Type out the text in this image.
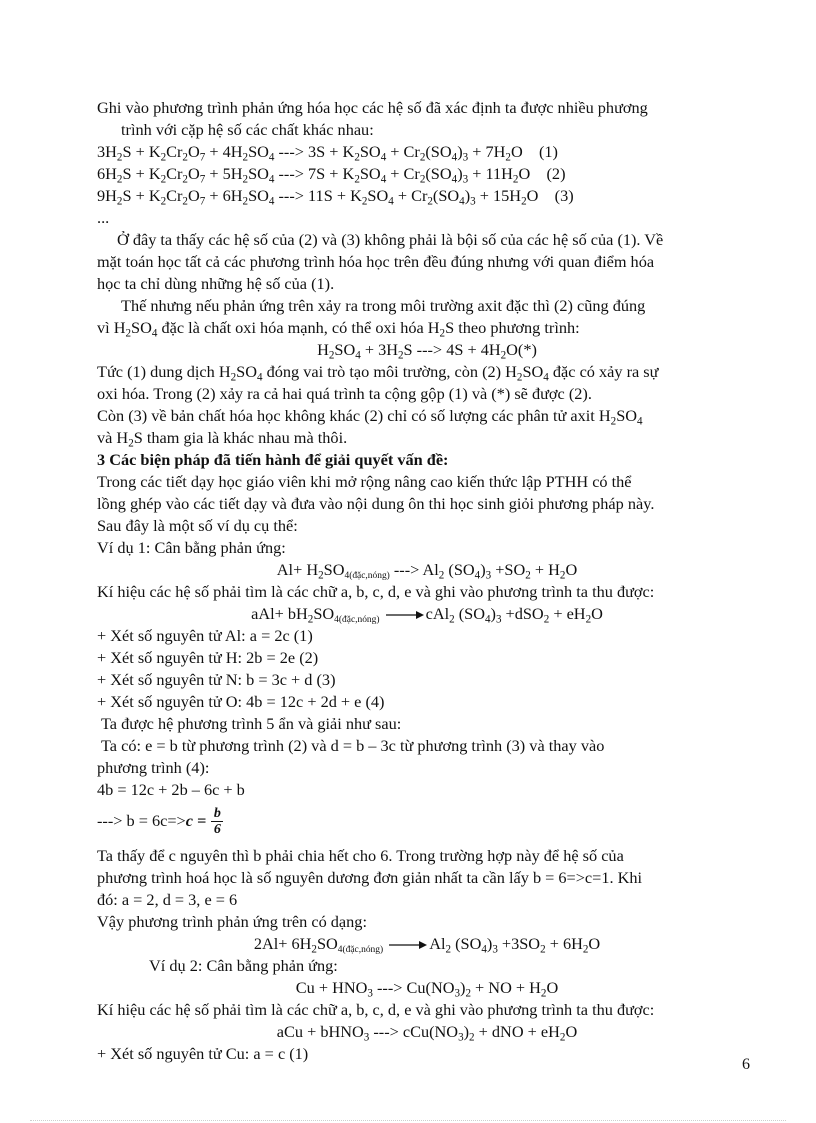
Ghi vào phương trình phản ứng hóa học các hệ số đã xác định ta được nhiều phương
trình với cặp hệ số các chất khác nhau:
$3H_2S + K_2Cr_2O_7 + 4H_2SO_4$ ---> $3S + K_2SO_4 + Cr_2(SO_4)_3 + 7H_2O$    (1)
$6H_2S + K_2Cr_2O_7 + 5H_2SO_4$ ---> $7S + K_2SO_4 + Cr_2(SO_4)_3 + 11H_2O$    (2)
$9H_2S + K_2Cr_2O_7 + 6H_2SO_4$ ---> $11S + K_2SO_4 + Cr_2(SO_4)_3 + 15H_2O$    (3)
...
Ở đây ta thấy các hệ số của (2) và (3) không phải là bội số của các hệ số của (1). Về
mặt toán học tất cả các phương trình hóa học trên đều đúng nhưng với quan điểm hóa
học ta chỉ dùng những hệ số của (1).
Thế nhưng nếu phản ứng trên xảy ra trong môi trường axit đặc thì (2) cũng đúng
vì $H_2SO_4$ đặc là chất oxi hóa mạnh, có thể oxi hóa $H_2S$ theo phương trình:
$H_2SO_4 + 3H_2S$ ---> $4S + 4H_2O(*)$
Tức (1) dung dịch $H_2SO_4$ đóng vai trò tạo môi trường, còn (2) $H_2SO_4$ đặc có xảy ra sự
oxi hóa. Trong (2) xảy ra cả hai quá trình ta cộng gộp (1) và (*) sẽ được (2).
Còn (3) về bản chất hóa học không khác (2) chỉ có số lượng các phân tử axit $H_2SO_4$
và $H_2S$ tham gia là khác nhau mà thôi.
3 Các biện pháp đã tiến hành để giải quyết vấn đề:
Trong các tiết dạy học giáo viên khi mở rộng nâng cao kiến thức lập PTHH có thể
lồng ghép vào các tiết dạy và đưa vào nội dung ôn thi học sinh giỏi phương pháp này.
Sau đây là một số ví dụ cụ thể:
Ví dụ 1: Cân bằng phản ứng:
$Al+ H_2SO_{4(đặc,nóng)}$ ---> $Al_2$ $(SO_4)_3 +SO_2 + H_2O$
Kí hiệu các hệ số phải tìm là các chữ a, b, c, d, e và ghi vào phương trình ta thu được:
$aAl+ bH_2SO_{4(đặc,nóng)} \to cAl_2$ $(SO_4)_3 +dSO_2 + eH_2O$
+ Xét số nguyên tử Al: a = 2c (1)
+ Xét số nguyên tử H: 2b = 2e (2)
+ Xét số nguyên tử N: b = 3c + d (3)
+ Xét số nguyên tử O: 4b = 12c + 2d + e (4)
Ta được hệ phương trình 5 ẩn và giải như sau:
Ta có: e = b từ phương trình (2) và d = b – 3c từ phương trình (3) và thay vào
phương trình (4):
4b = 12c + 2b – 6c + b
---> $b = 6c=> c = \frac{b}{6}$
Ta thấy để c nguyên thì b phải chia hết cho 6. Trong trường hợp này để hệ số của
phương trình hoá học là số nguyên dương đơn giản nhất ta cần lấy b = 6=>c=1. Khi
đó: a = 2, d = 3, e = 6
Vậy phương trình phản ứng trên có dạng:
$2Al+ 6H_2SO_{4(đặc,nóng)} \to Al_2$ $(SO_4)_3 +3SO_2 + 6H_2O$
Ví dụ 2: Cân bằng phản ứng:
$Cu + HNO_3$ ---> $Cu(NO_3)_2$ + NO + $H_2O$
Kí hiệu các hệ số phải tìm là các chữ a, b, c, d, e và ghi vào phương trình ta thu được:
aCu + bHNO$_3$ ---> $cCu(NO_3)_2$ + dNO + $eH_2O$
+ Xét số nguyên tử Cu: a = c (1)
6
